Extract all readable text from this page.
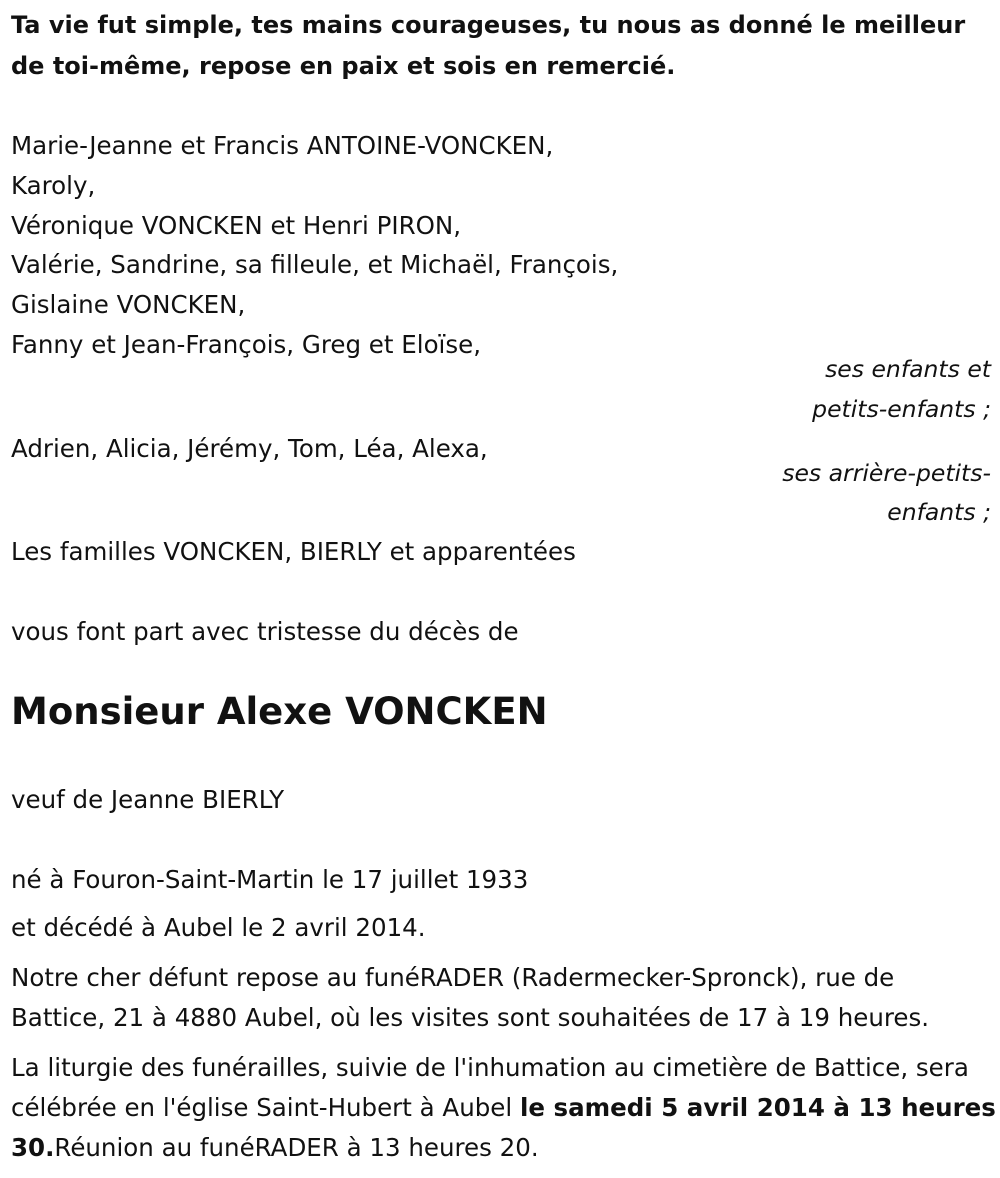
Ta vie fut simple, tes mains courageuses, tu nous as donné le meilleur de toi-même, repose en paix et sois en remercié.

Marie-Jeanne et Francis ANTOINE-VONCKEN,

Karoly,

Véronique VONCKEN et Henri PIRON,

Valérie, Sandrine, sa filleule, et Michaël, François,

Gislaine VONCKEN,

Fanny et Jean-François, Greg et Eloïse,

ses enfants et

petits-enfants ;

Adrien, Alicia, Jérémy, Tom, Léa, Alexa,

ses arrière-petits-

enfants ;

Les familles VONCKEN, BIERLY et apparentées

vous font part avec tristesse du décès de

Monsieur Alexe VONCKEN

veuf de Jeanne BIERLY

né à Fouron-Saint-Martin le 17 juillet 1933

et décédé à Aubel le 2 avril 2014.

Notre cher défunt repose au funéRADER (Radermecker-Spronck), rue de Battice, 21 à 4880 Aubel, où les visites sont souhaitées de 17 à 19 heures.

La liturgie des funérailles, suivie de l'inhumation au cimetière de Battice, sera célébrée en l'église Saint-Hubert à Aubel le samedi 5 avril 2014 à 13 heures 30.Réunion au funéRADER à 13 heures 20.
